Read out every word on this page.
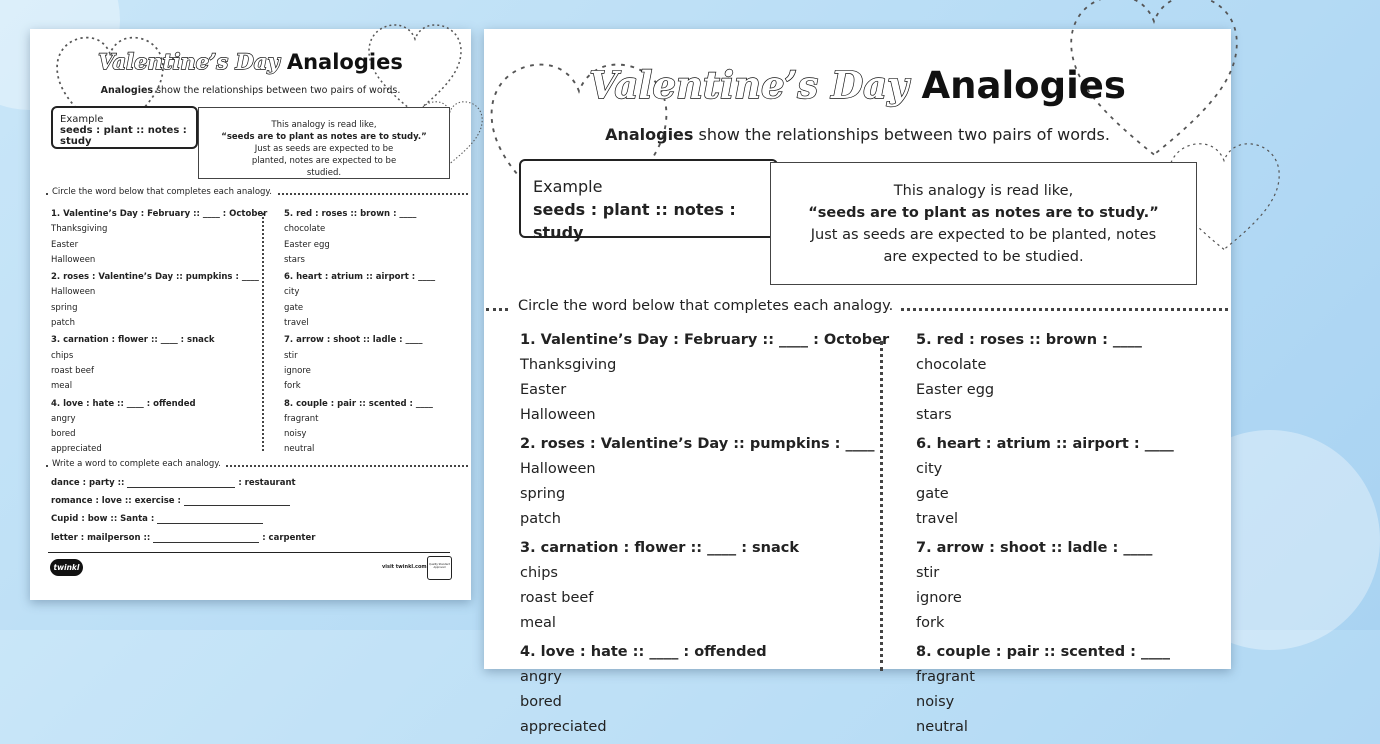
Valentine’s Day Analogies
Analogies show the relationships between two pairs of words.
Example
seeds : plant :: notes : study
This analogy is read like,
“seeds are to plant as notes are to study.”
Just as seeds are expected to be planted, notes are expected to be studied.
Circle the word below that completes each analogy.
1. Valentine’s Day : February :: ____ : October
Thanksgiving
Easter
Halloween
2. roses : Valentine’s Day :: pumpkins : ____
Halloween
spring
patch
3. carnation : flower :: ____ : snack
chips
roast beef
meal
4. love : hate :: ____ : offended
angry
bored
appreciated
5. red : roses :: brown : ____
chocolate
Easter egg
stars
6. heart : atrium :: airport : ____
city
gate
travel
7. arrow : shoot :: ladle : ____
stir
ignore
fork
8. couple : pair :: scented : ____
fragrant
noisy
neutral
Write a word to complete each analogy.
dance : party ::	: restaurant
romance : love :: exercise :
Cupid : bow :: Santa :
letter : mailperson ::	: carpenter
twinkl	visit twinkl.com Quality Standard Approved
Valentine’s Day Analogies
Analogies show the relationships between two pairs of words.
Example
seeds : plant :: notes : study
This analogy is read like,
“seeds are to plant as notes are to study.”
Just as seeds are expected to be planted, notes are expected to be studied.
Circle the word below that completes each analogy.
1. Valentine’s Day : February :: ____ : October
Thanksgiving
Easter
Halloween
2. roses : Valentine’s Day :: pumpkins : ____
Halloween
spring
patch
3. carnation : flower :: ____ : snack
chips
roast beef
meal
4. love : hate :: ____ : offended
angry
bored
appreciated
5. red : roses :: brown : ____
chocolate
Easter egg
stars
6. heart : atrium :: airport : ____
city
gate
travel
7. arrow : shoot :: ladle : ____
stir
ignore
fork
8. couple : pair :: scented : ____
fragrant
noisy
neutral
